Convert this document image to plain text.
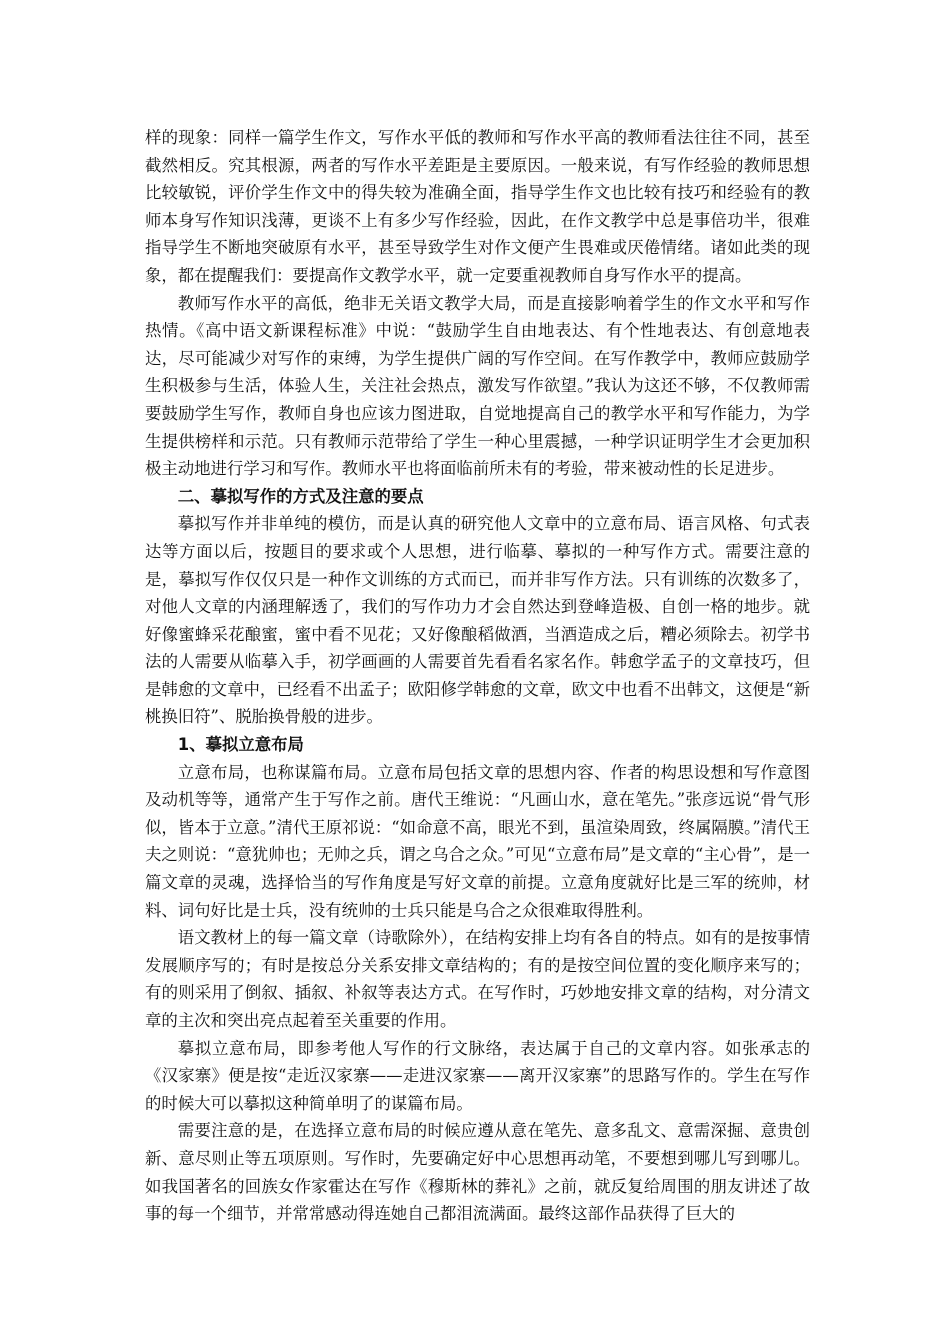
样的现象：同样一篇学生作文，写作水平低的教师和写作水平高的教师看法往往不同，甚至截然相反。究其根源，两者的写作水平差距是主要原因。一般来说，有写作经验的教师思想比较敏锐，评价学生作文中的得失较为准确全面，指导学生作文也比较有技巧和经验有的教师本身写作知识浅薄，更谈不上有多少写作经验，因此，在作文教学中总是事倍功半，很难指导学生不断地突破原有水平，甚至导致学生对作文便产生畏难或厌倦情绪。诸如此类的现象，都在提醒我们：要提高作文教学水平，就一定要重视教师自身写作水平的提高。

教师写作水平的高低，绝非无关语文教学大局，而是直接影响着学生的作文水平和写作热情。《高中语文新课程标准》中说：“鼓励学生自由地表达、有个性地表达、有创意地表达，尽可能减少对写作的束缚，为学生提供广阔的写作空间。在写作教学中，教师应鼓励学生积极参与生活，体验人生，关注社会热点，激发写作欲望。”我认为这还不够，不仅教师需要鼓励学生写作，教师自身也应该力图进取，自觉地提高自己的教学水平和写作能力，为学生提供榜样和示范。只有教师示范带给了学生一种心里震撼，一种学识证明学生才会更加积极主动地进行学习和写作。教师水平也将面临前所未有的考验，带来被动性的长足进步。

二、摹拟写作的方式及注意的要点

摹拟写作并非单纯的模仿，而是认真的研究他人文章中的立意布局、语言风格、句式表达等方面以后，按题目的要求或个人思想，进行临摹、摹拟的一种写作方式。需要注意的是，摹拟写作仅仅只是一种作文训练的方式而已，而并非写作方法。只有训练的次数多了，对他人文章的内涵理解透了，我们的写作功力才会自然达到登峰造极、自创一格的地步。就好像蜜蜂采花酿蜜，蜜中看不见花；又好像酿稻做酒，当酒造成之后，糟必须除去。初学书法的人需要从临摹入手，初学画画的人需要首先看看名家名作。韩愈学孟子的文章技巧，但是韩愈的文章中，已经看不出孟子；欧阳修学韩愈的文章，欧文中也看不出韩文，这便是“新桃换旧符”、脱胎换骨般的进步。

1、摹拟立意布局

立意布局，也称谋篇布局。立意布局包括文章的思想内容、作者的构思设想和写作意图及动机等等，通常产生于写作之前。唐代王维说：“凡画山水，意在笔先。”张彦远说“骨气形似，皆本于立意。”清代王原祁说：“如命意不高，眼光不到，虽渲染周致，终属隔膜。”清代王夫之则说：“意犹帅也；无帅之兵，谓之乌合之众。”可见“立意布局”是文章的“主心骨”，是一篇文章的灵魂，选择恰当的写作角度是写好文章的前提。立意角度就好比是三军的统帅，材料、词句好比是士兵，没有统帅的士兵只能是乌合之众很难取得胜利。

语文教材上的每一篇文章（诗歌除外），在结构安排上均有各自的特点。如有的是按事情发展顺序写的；有时是按总分关系安排文章结构的；有的是按空间位置的变化顺序来写的；有的则采用了倒叙、插叙、补叙等表达方式。在写作时，巧妙地安排文章的结构，对分清文章的主次和突出亮点起着至关重要的作用。

摹拟立意布局，即参考他人写作的行文脉络，表达属于自己的文章内容。如张承志的《汉家寨》便是按“走近汉家寨——走进汉家寨——离开汉家寨”的思路写作的。学生在写作的时候大可以摹拟这种简单明了的谋篇布局。

需要注意的是，在选择立意布局的时候应遵从意在笔先、意多乱文、意需深掘、意贵创新、意尽则止等五项原则。写作时，先要确定好中心思想再动笔，不要想到哪儿写到哪儿。如我国著名的回族女作家霍达在写作《穆斯林的葬礼》之前，就反复给周围的朋友讲述了故事的每一个细节，并常常感动得连她自己都泪流满面。最终这部作品获得了巨大的
